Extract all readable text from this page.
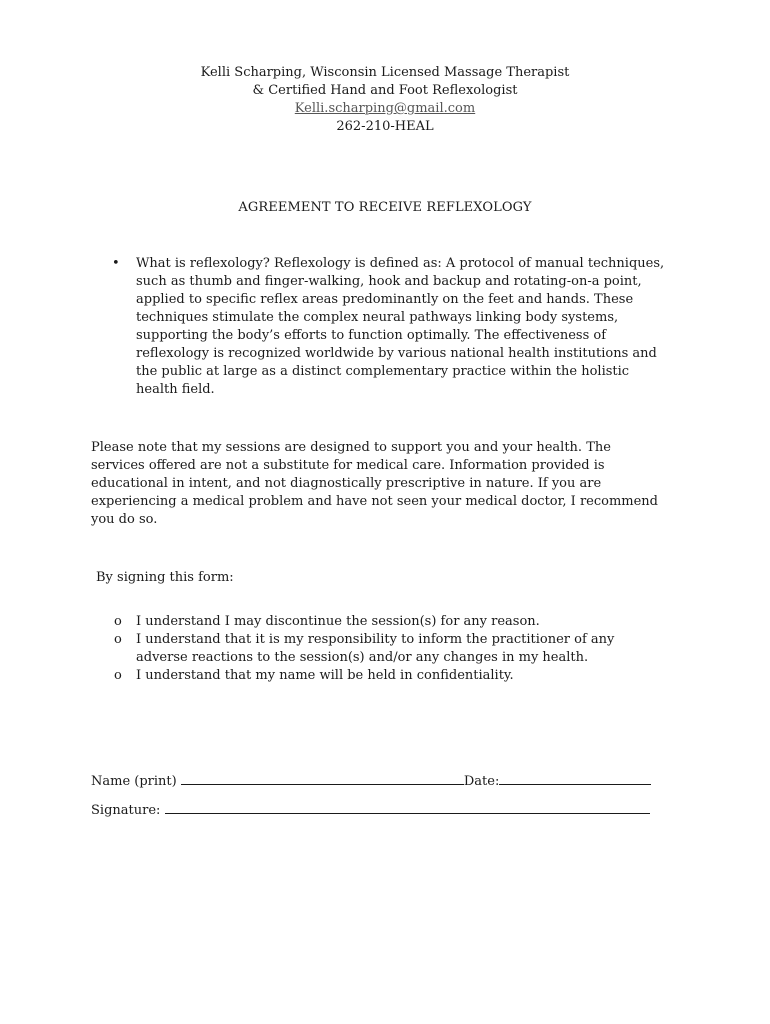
Kelli Scharping, Wisconsin Licensed Massage Therapist
& Certified Hand and Foot Reflexologist
Kelli.scharping@gmail.com
262-210-HEAL
AGREEMENT TO RECEIVE REFLEXOLOGY
• What is reflexology? Reflexology is defined as: A protocol of manual techniques,
such as thumb and finger-walking, hook and backup and rotating-on-a point,
applied to specific reflex areas predominantly on the feet and hands. These
techniques stimulate the complex neural pathways linking body systems,
supporting the body’s efforts to function optimally. The effectiveness of
reflexology is recognized worldwide by various national health institutions and
the public at large as a distinct complementary practice within the holistic
health field.
Please note that my sessions are designed to support you and your health. The
services offered are not a substitute for medical care. Information provided is
educational in intent, and not diagnostically prescriptive in nature. If you are
experiencing a medical problem and have not seen your medical doctor, I recommend
you do so.
By signing this form:
o I understand I may discontinue the session(s) for any reason.
o I understand that it is my responsibility to inform the practitioner of any
adverse reactions to the session(s) and/or any changes in my health.
o I understand that my name will be held in confidentiality.
Name (print)	Date:
Signature:
